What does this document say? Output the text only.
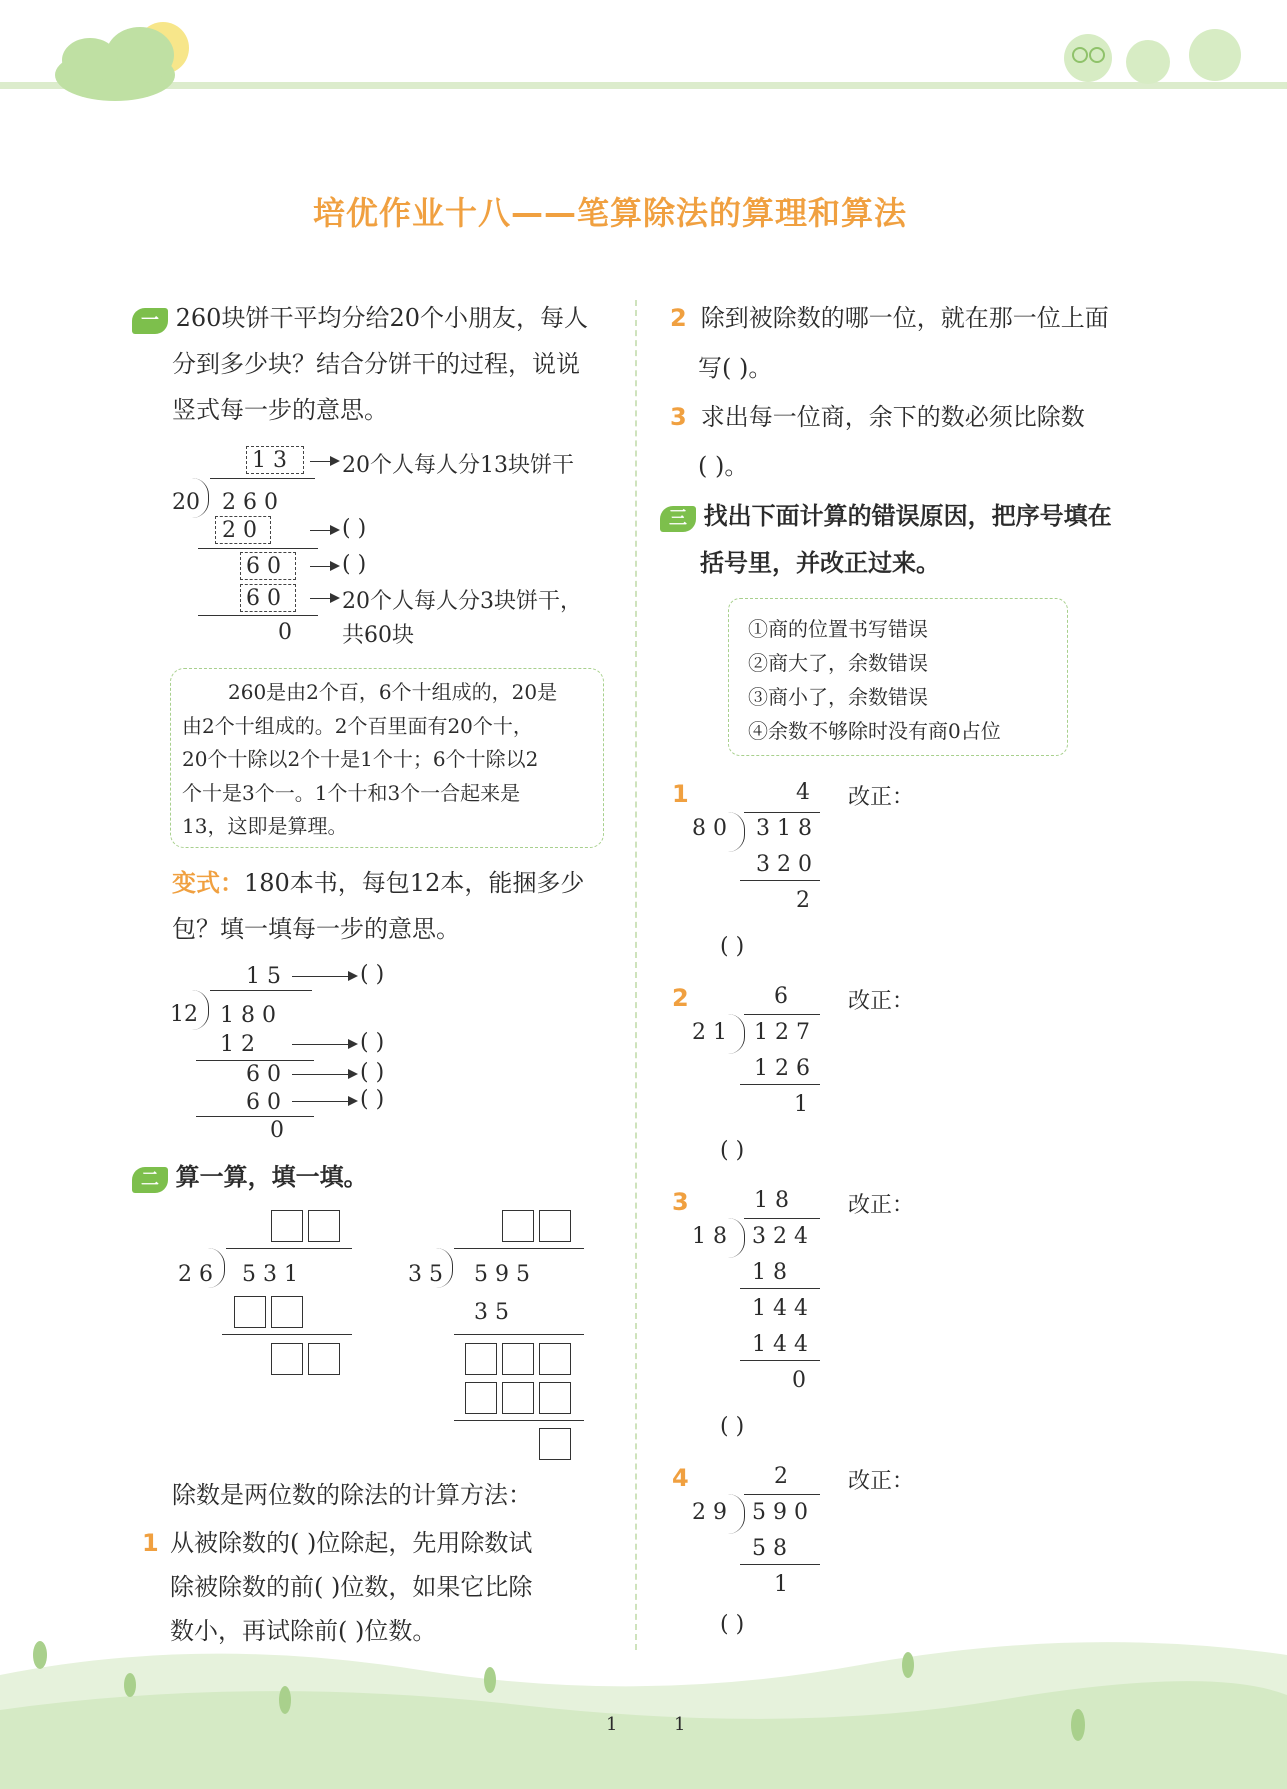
培优作业十八——笔算除法的算理和算法
一 260块饼干平均分给20个小朋友，每人
分到多少块？结合分饼干的过程，说说
竖式每一步的意思。
1 3
20 2 6 0
2 0
6 0
6 0
0
20个人每人分13块饼干
( )
( )
20个人每人分3块饼干，
共60块
260是由2个百，6个十组成的，20是
由2个十组成的。2个百里面有20个十，
20个十除以2个十是1个十；6个十除以2
个十是3个一。1个十和3个一合起来是
13，这即是算理。
变式：180本书，每包12本，能捆多少
包？填一填每一步的意思。
1 5
12 1 8 0
1 2
6 0
6 0
0
( )
( )
( )
( )
二 算一算，填一填。
2 6 5 3 1	3 5 5 9 5
3 5
除数是两位数的除法的计算方法：
1 从被除数的( )位除起，先用除数试
除被除数的前( )位数，如果它比除
数小，再试除前( )位数。
2 除到被除数的哪一位，就在那一位上面
写( )。
3 求出每一位商，余下的数必须比除数
( )。
三 找出下面计算的错误原因，把序号填在
括号里，并改正过来。
①商的位置书写错误
②商大了，余数错误
③商小了，余数错误
④余数不够除时没有商0占位
1	4
8 0 3 1 8
3 2 0
2
( )
改正：
2	6
2 1 1 2 7
1 2 6
1
( )
改正：
3	1 8
1 8 3 2 4
1 8
1 4 4
1 4 4
0
( )
改正：
4	2
2 9 5 9 0
5 8
1
( )
改正：
1	1
